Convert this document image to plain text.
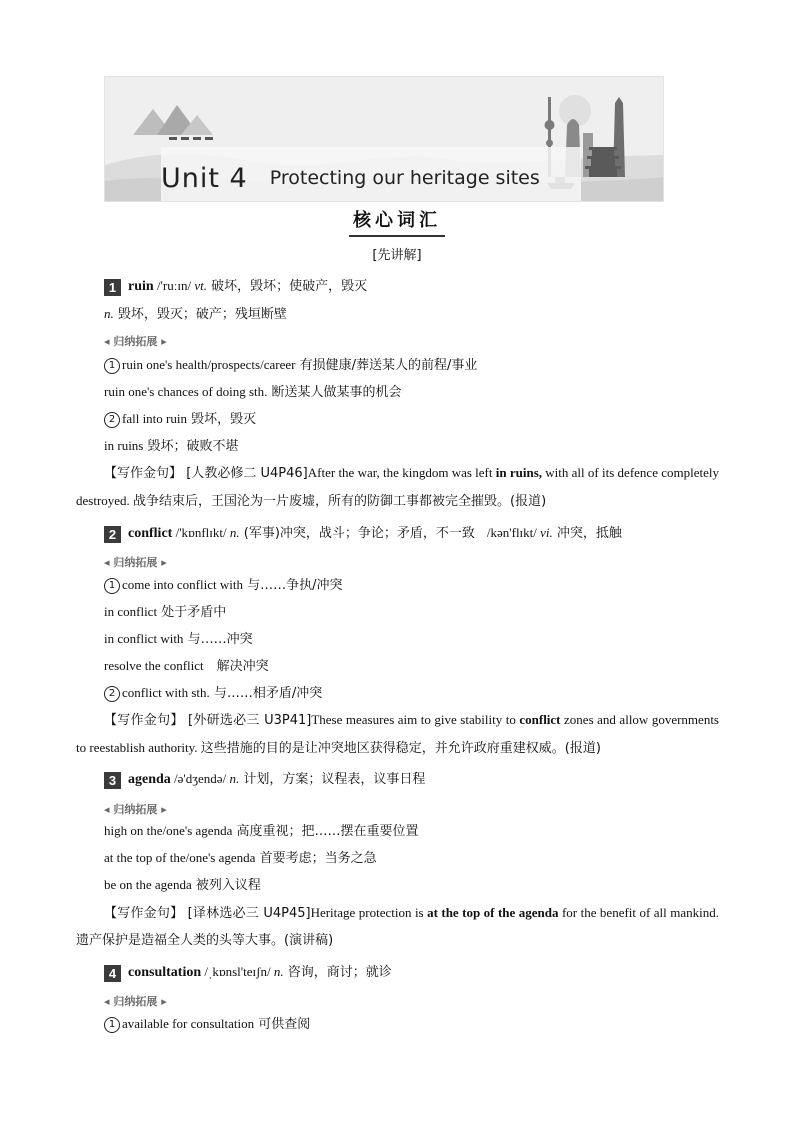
Unit 4 Protecting our heritage sites
核心词汇
[先讲解]
1 ruin /'ruːɪn/ vt. 破坏，毁坏；使破产，毁灭
n. 毁坏，毁灭；破产；残垣断壁
◂ 归纳拓展 ▸
1 ruin one's health/prospects/career 有损健康/葬送某人的前程/事业
ruin one's chances of doing sth. 断送某人做某事的机会
2 fall into ruin 毁坏，毁灭
in ruins 毁坏；破败不堪
【写作金句】 [人教必修二 U4P46]After the war, the kingdom was left in ruins, with all of its defence completely destroyed. 战争结束后，王国沦为一片废墟，所有的防御工事都被完全摧毁。(报道)
2 conflict /'kɒnflɪkt/ n. (军事)冲突，战斗；争论；矛盾，不一致 /kən'flɪkt/ vi. 冲突，抵触
◂ 归纳拓展 ▸
1 come into conflict with 与……争执/冲突
in conflict 处于矛盾中
in conflict with 与……冲突
resolve the conflict　解决冲突
2 conflict with sth. 与……相矛盾/冲突
【写作金句】 [外研选必三 U3P41]These measures aim to give stability to conflict zones and allow governments to reestablish authority. 这些措施的目的是让冲突地区获得稳定，并允许政府重建权威。(报道)
3 agenda /ə'dʒendə/ n. 计划，方案；议程表，议事日程
◂ 归纳拓展 ▸
high on the/one's agenda 高度重视；把……摆在重要位置
at the top of the/one's agenda 首要考虑；当务之急
be on the agenda 被列入议程
【写作金句】 [译林选必三 U4P45]Heritage protection is at the top of the agenda for the benefit of all mankind. 遗产保护是造福全人类的头等大事。(演讲稿)
4 consultation /ˌkɒnsl'teɪʃn/ n. 咨询，商讨；就诊
◂ 归纳拓展 ▸
1 available for consultation 可供查阅
